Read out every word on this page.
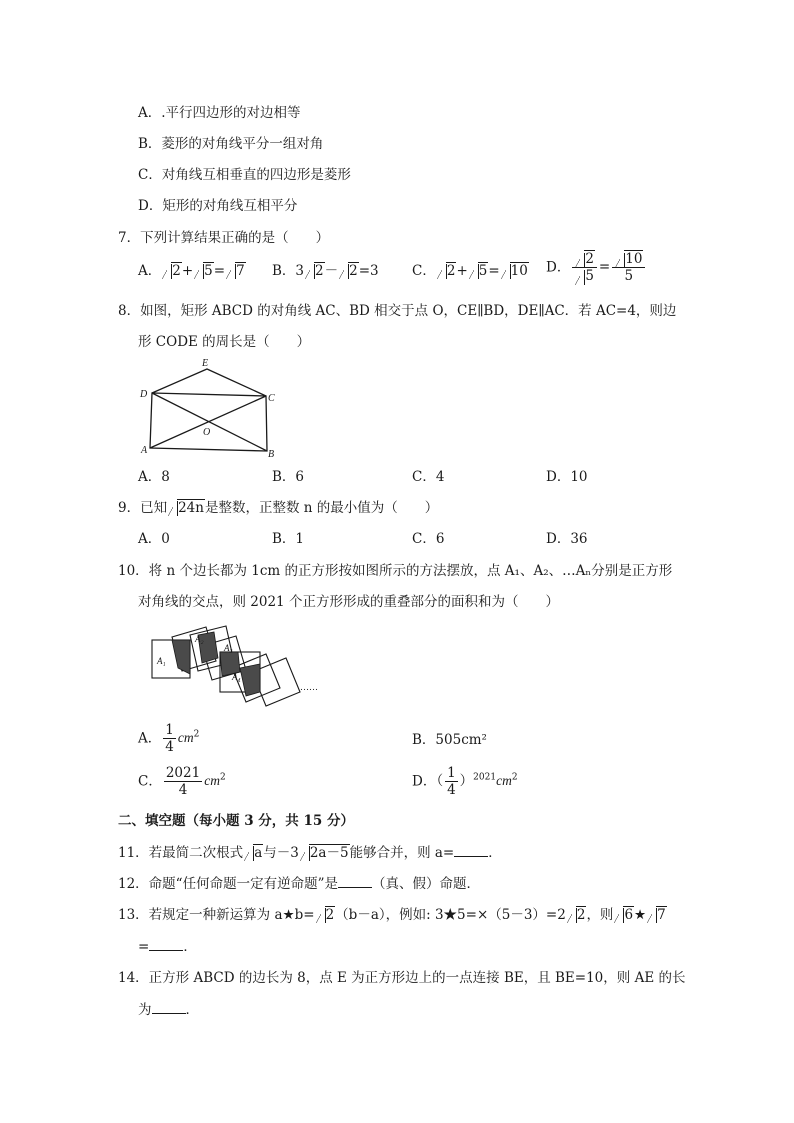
A．.平行四边形的对边相等
B．菱形的对角线平分一组对角
C．对角线互相垂直的四边形是菱形
D．矩形的对角线互相平分
7．下列计算结果正确的是（　　）
A． 2+ 5= 7 B．3 2－ 2=3 C． 2+ 5= 10 D． $\frac{2}{5} = \frac{10}{5}$
8．如图，矩形 ABCD 的对角线 AC、BD 相交于点 O，CE∥BD，DE∥AC．若 AC=4，则边
形 CODE 的周长是（　　）
E
D	C
O
A	B
A．8	B．6	C．4	D．10
9．已知 24n是整数，正整数 n 的最小值为（　　）
A．0	B．1	C．6	D．36
10．将 n 个边长都为 1cm 的正方形按如图所示的方法摆放，点 A₁、A₂、…Aₙ分别是正方形
对角线的交点，则 2021 个正方形形成的重叠部分的面积和为（　　）
A₁
A₂
A₃
A₄
……
A． $\frac{1}{4} cm^2$	B．505cm²
C． $\frac{2021}{4} cm^2$	D．（ $\frac{1}{4} )^{2021}cm^2$
二、填空题（每小题 3 分，共 15 分）
11．若最简二次根式 a与－3 2a－5能够合并，则 a=	．
12．命题“任何命题一定有逆命题”是	（真、假）命题．
13．若规定一种新运算为 a★b= 2（b－a），例如: 3★5=×（5－3）=2 2，则 6★ 7
=	．
14．正方形 ABCD 的边长为 8，点 E 为正方形边上的一点连接 BE，且 BE=10，则 AE 的长
为	．
